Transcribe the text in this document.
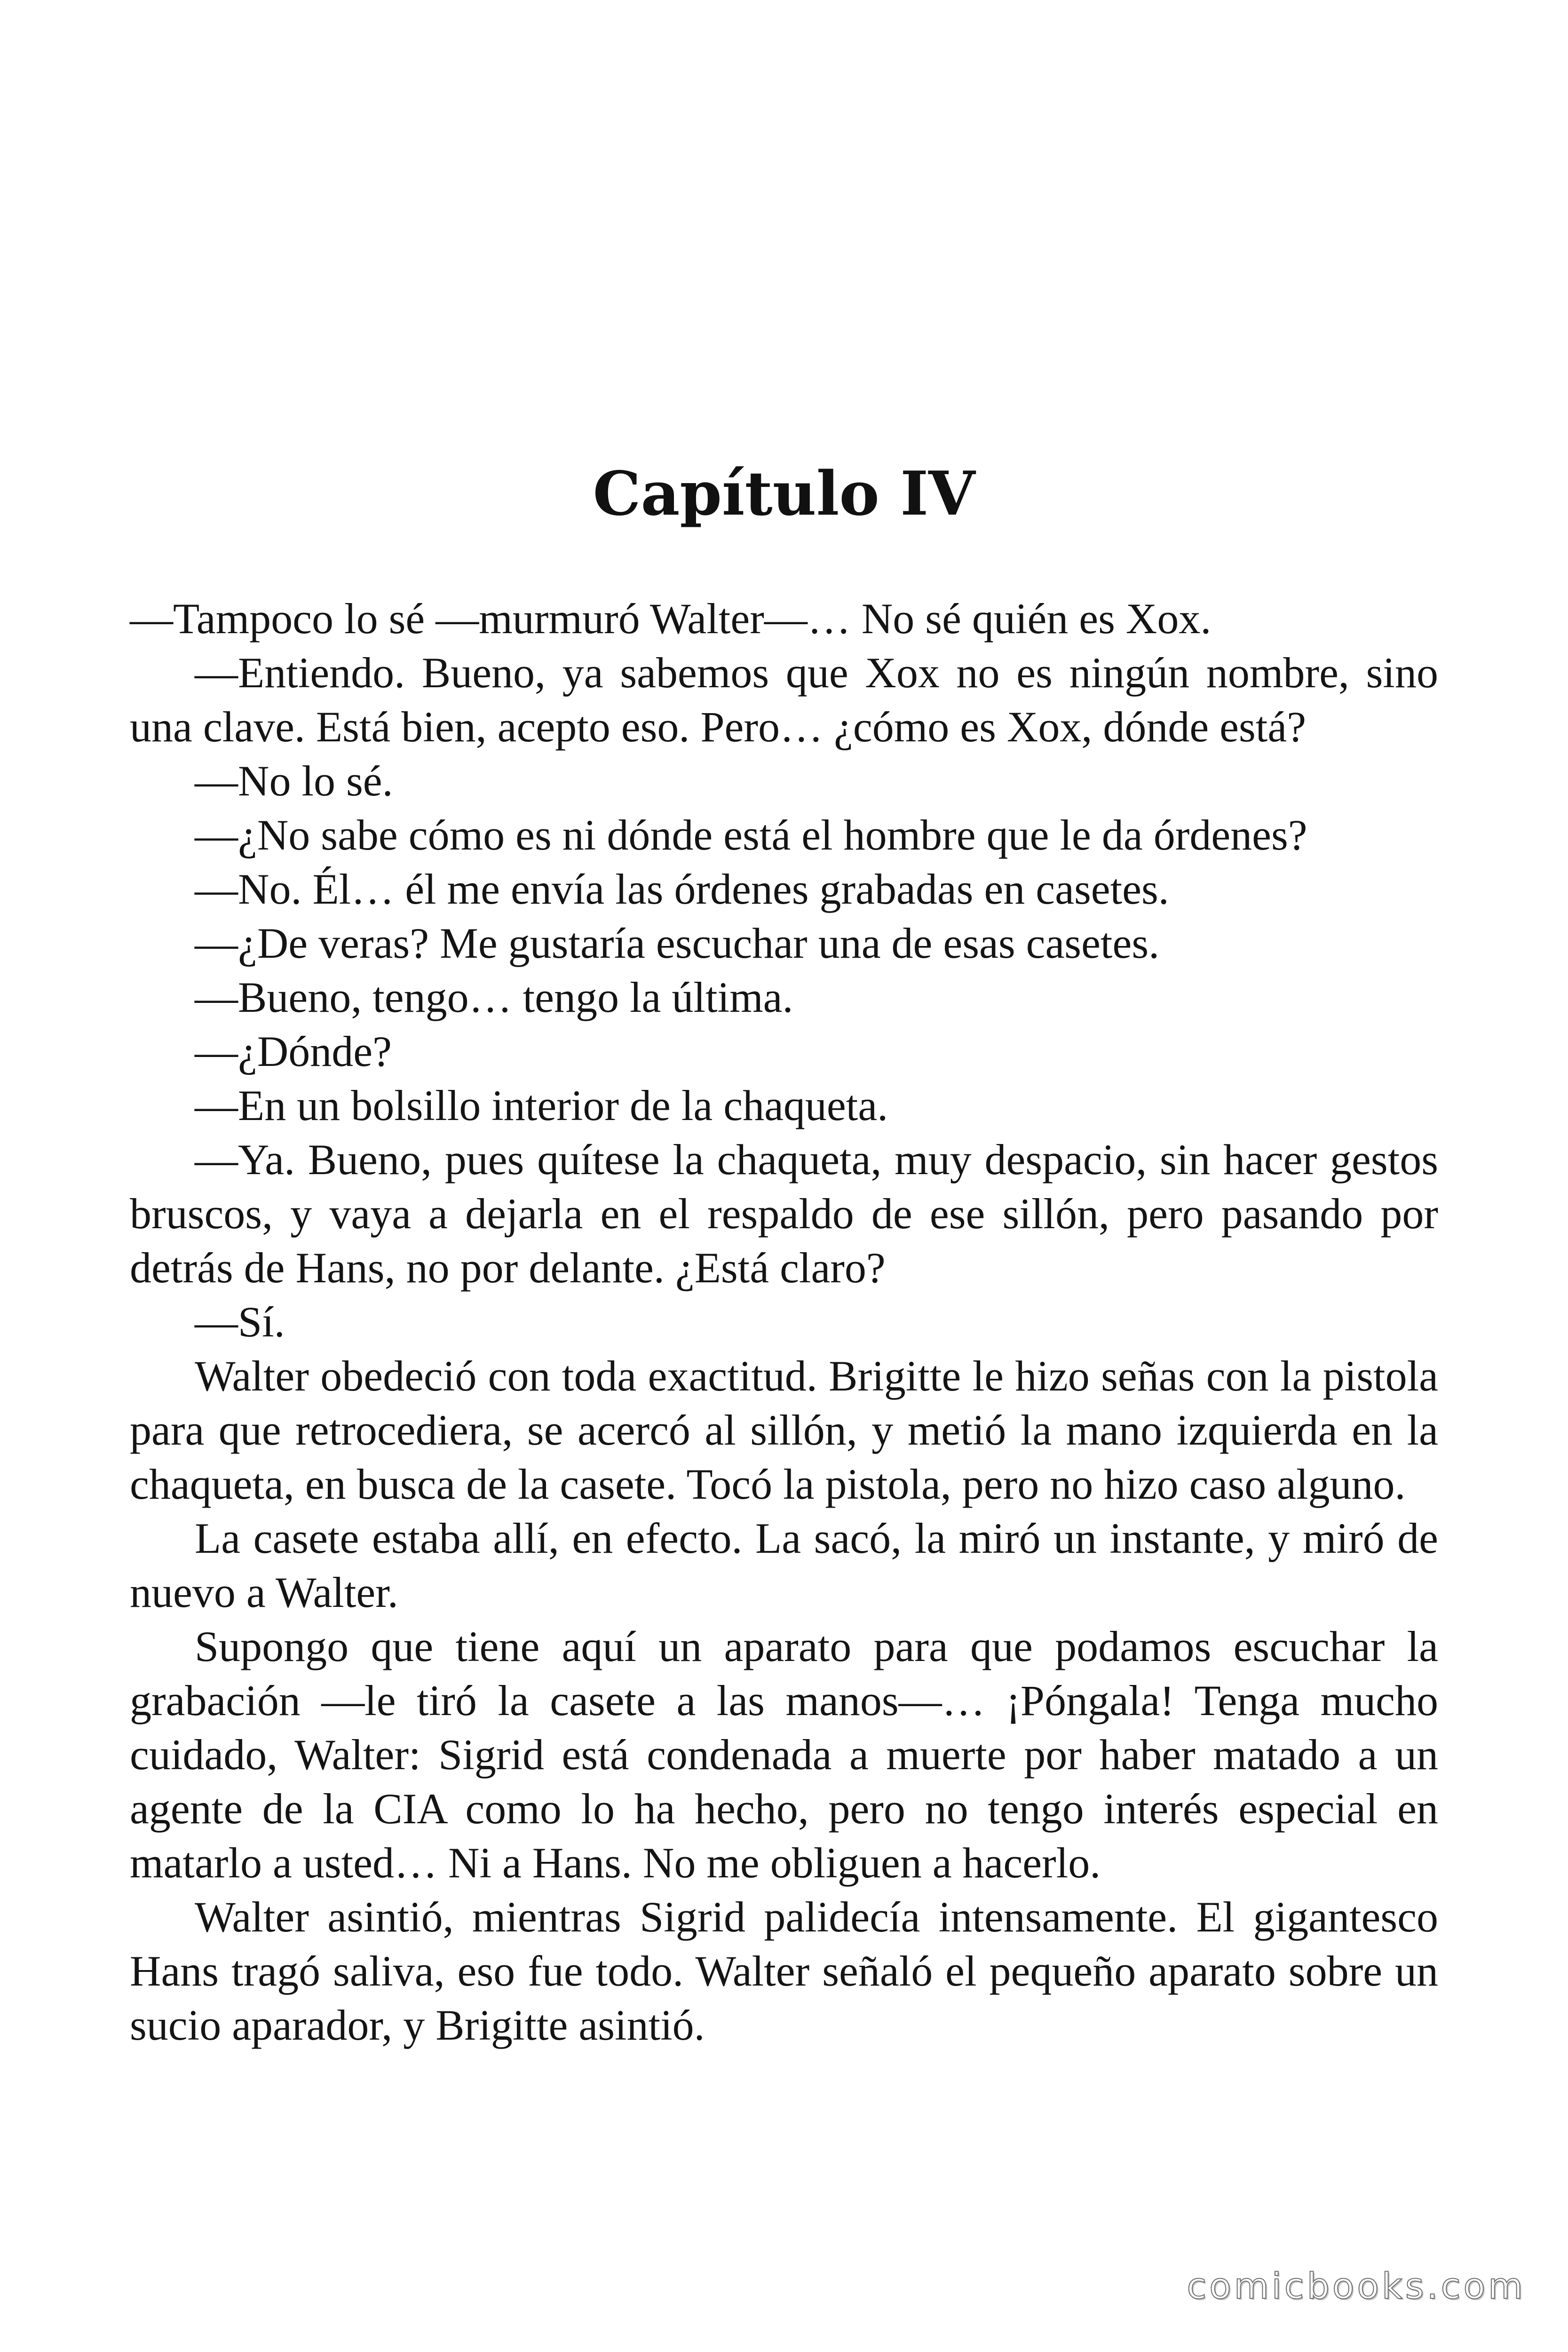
Capítulo IV

—Tampoco lo sé —murmuró Walter—… No sé quién es Xox.

—Entiendo. Bueno, ya sabemos que Xox no es ningún nombre, sino una clave. Está bien, acepto eso. Pero… ¿cómo es Xox, dónde está?

—No lo sé.

—¿No sabe cómo es ni dónde está el hombre que le da órdenes?

—No. Él… él me envía las órdenes grabadas en casetes.

—¿De veras? Me gustaría escuchar una de esas casetes.

—Bueno, tengo… tengo la última.

—¿Dónde?

—En un bolsillo interior de la chaqueta.

—Ya. Bueno, pues quítese la chaqueta, muy despacio, sin hacer gestos bruscos, y vaya a dejarla en el respaldo de ese sillón, pero pasando por detrás de Hans, no por delante. ¿Está claro?

—Sí.

Walter obedeció con toda exactitud. Brigitte le hizo señas con la pistola para que retrocediera, se acercó al sillón, y metió la mano izquierda en la chaqueta, en busca de la casete. Tocó la pistola, pero no hizo caso alguno.

La casete estaba allí, en efecto. La sacó, la miró un instante, y miró de nuevo a Walter.

Supongo que tiene aquí un aparato para que podamos escuchar la grabación —le tiró la casete a las manos—… ¡Póngala! Tenga mucho cuidado, Walter: Sigrid está condenada a muerte por haber matado a un agente de la CIA como lo ha hecho, pero no tengo interés especial en matarlo a usted… Ni a Hans. No me obliguen a hacerlo.

Walter asintió, mientras Sigrid palidecía intensamente. El gigantesco Hans tragó saliva, eso fue todo. Walter señaló el pequeño aparato sobre un sucio aparador, y Brigitte asintió.

comicbooks.com
